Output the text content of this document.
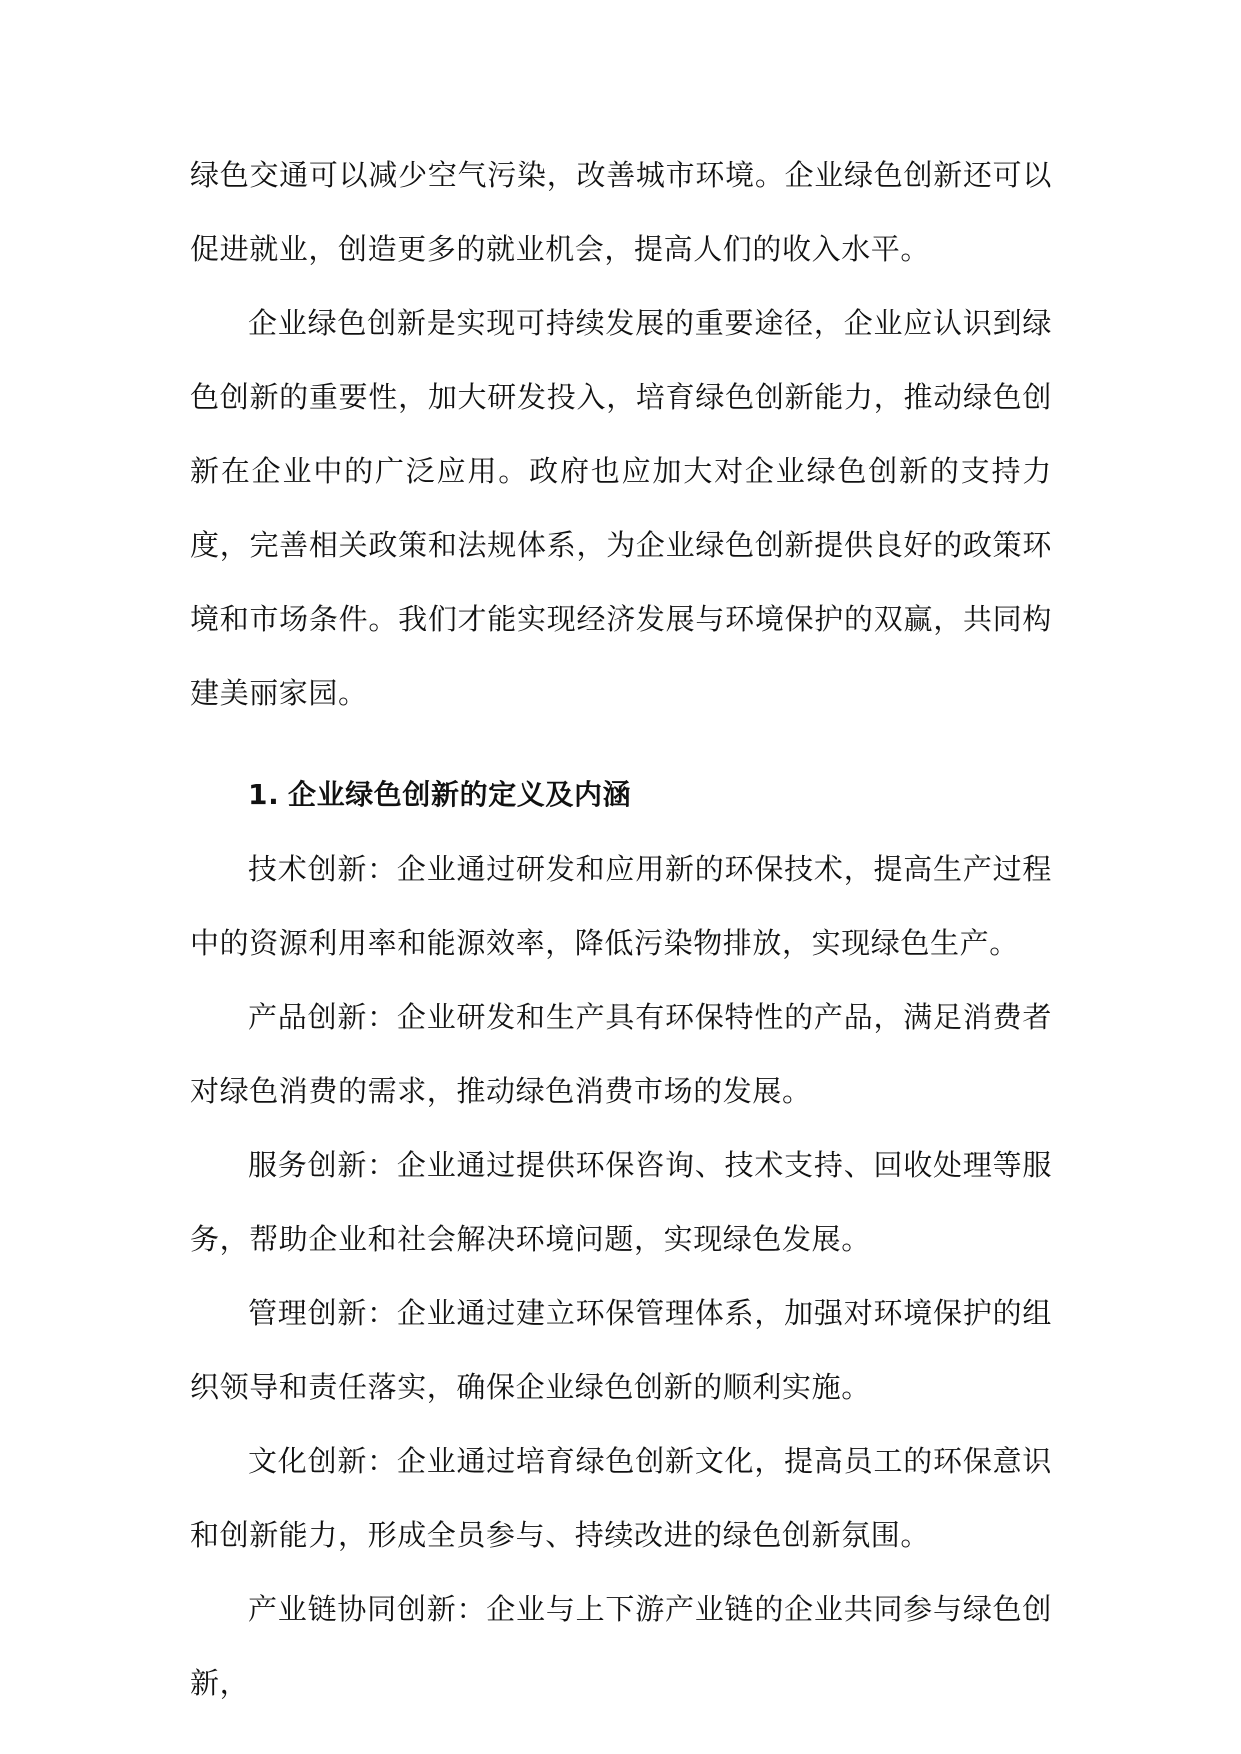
绿色交通可以减少空气污染，改善城市环境。企业绿色创新还可以促进就业，创造更多的就业机会，提高人们的收入水平。

企业绿色创新是实现可持续发展的重要途径，企业应认识到绿色创新的重要性，加大研发投入，培育绿色创新能力，推动绿色创新在企业中的广泛应用。政府也应加大对企业绿色创新的支持力度，完善相关政策和法规体系，为企业绿色创新提供良好的政策环境和市场条件。我们才能实现经济发展与环境保护的双赢，共同构建美丽家园。

1. 企业绿色创新的定义及内涵

技术创新：企业通过研发和应用新的环保技术，提高生产过程中的资源利用率和能源效率，降低污染物排放，实现绿色生产。

产品创新：企业研发和生产具有环保特性的产品，满足消费者对绿色消费的需求，推动绿色消费市场的发展。

服务创新：企业通过提供环保咨询、技术支持、回收处理等服务，帮助企业和社会解决环境问题，实现绿色发展。

管理创新：企业通过建立环保管理体系，加强对环境保护的组织领导和责任落实，确保企业绿色创新的顺利实施。

文化创新：企业通过培育绿色创新文化，提高员工的环保意识和创新能力，形成全员参与、持续改进的绿色创新氛围。

产业链协同创新：企业与上下游产业链的企业共同参与绿色创新，
